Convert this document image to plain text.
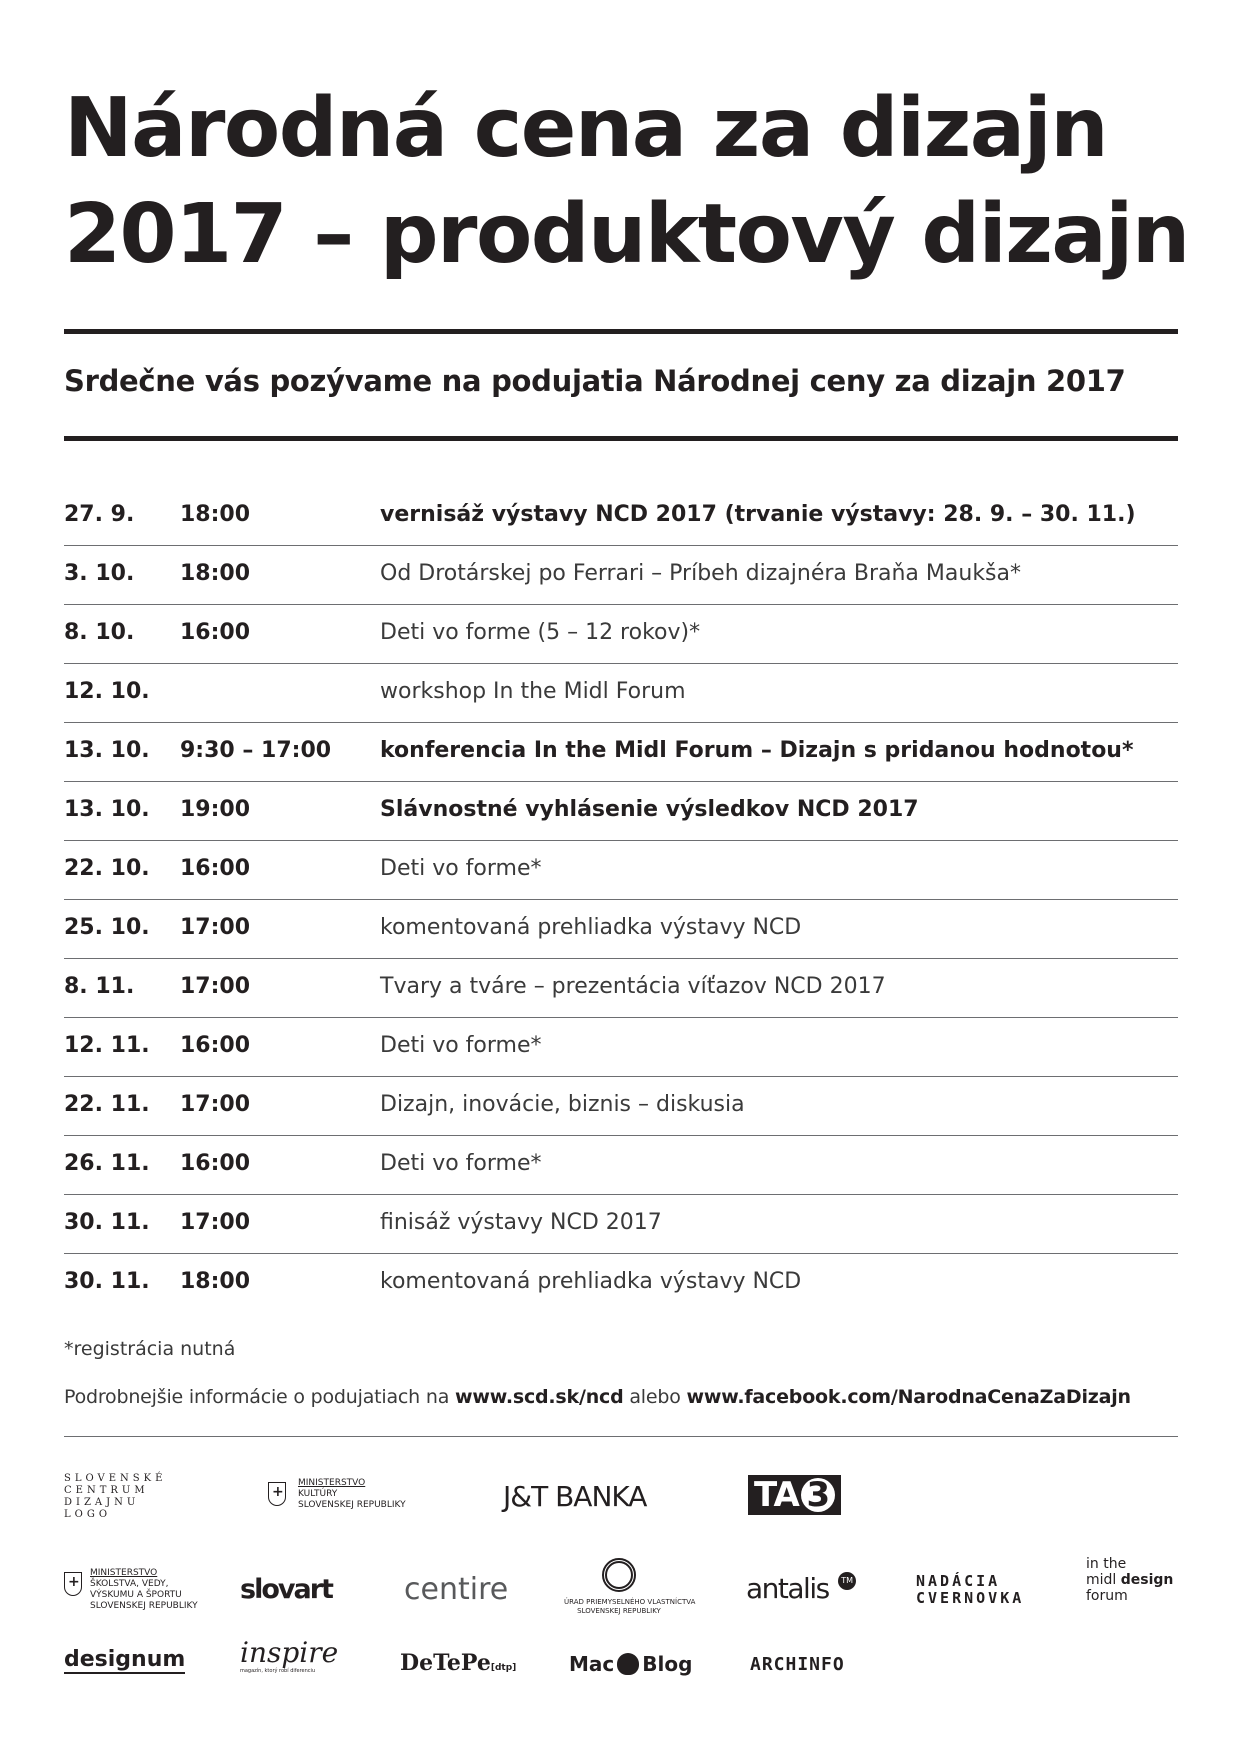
Národná cena za dizajn
2017 – produktový dizajn
Srdečne vás pozývame na podujatia Národnej ceny za dizajn 2017
27. 9. 18:00	vernisáž výstavy NCD 2017 (trvanie výstavy: 28. 9. – 30. 11.)
3. 10. 18:00	Od Drotárskej po Ferrari – Príbeh dizajnéra Braňa Maukša*
8. 10. 16:00	Deti vo forme (5 – 12 rokov)*
12. 10.	workshop In the Midl Forum
13. 10. 9:30 – 17:00 konferencia In the Midl Forum – Dizajn s pridanou hodnotou*
13. 10. 19:00	Slávnostné vyhlásenie výsledkov NCD 2017
22. 10. 16:00	Deti vo forme*
25. 10. 17:00	komentovaná prehliadka výstavy NCD
8. 11. 17:00	Tvary a tváre – prezentácia víťazov NCD 2017
12. 11. 16:00	Deti vo forme*
22. 11. 17:00	Dizajn, inovácie, biznis – diskusia
26. 11. 16:00	Deti vo forme*
30. 11. 17:00	finisáž výstavy NCD 2017
30. 11. 18:00	komentovaná prehliadka výstavy NCD
*registrácia nutná
Podrobnejšie informácie o podujatiach na www.scd.sk/ncd alebo www.facebook.com/NarodnaCenaZaDizajn
SLOVENSKÉ
CENTRUM
DIZAJNU
LOGO
+
MINISTERSTVO
KULTÚRY
SLOVENSKEJ REPUBLIKY	J&T BANKA	TA 3
+
MINISTERSTVO
ŠKOLSTVA, VEDY,
VÝSKUMU A ŠPORTU
SLOVENSKEJ REPUBLIKY
slovart centire	ÚRAD PRIEMYSELNÉHO VLASTNÍCTVA
SLOVENSKEJ REPUBLIKY
antalis TM	NADÁCIA
CVERNOVKA
in the
midl design
forum
designum inspire
magazín, ktorý robí diferenciu	DeTePe[dtp]	Mac Blog	ARCHINFO
